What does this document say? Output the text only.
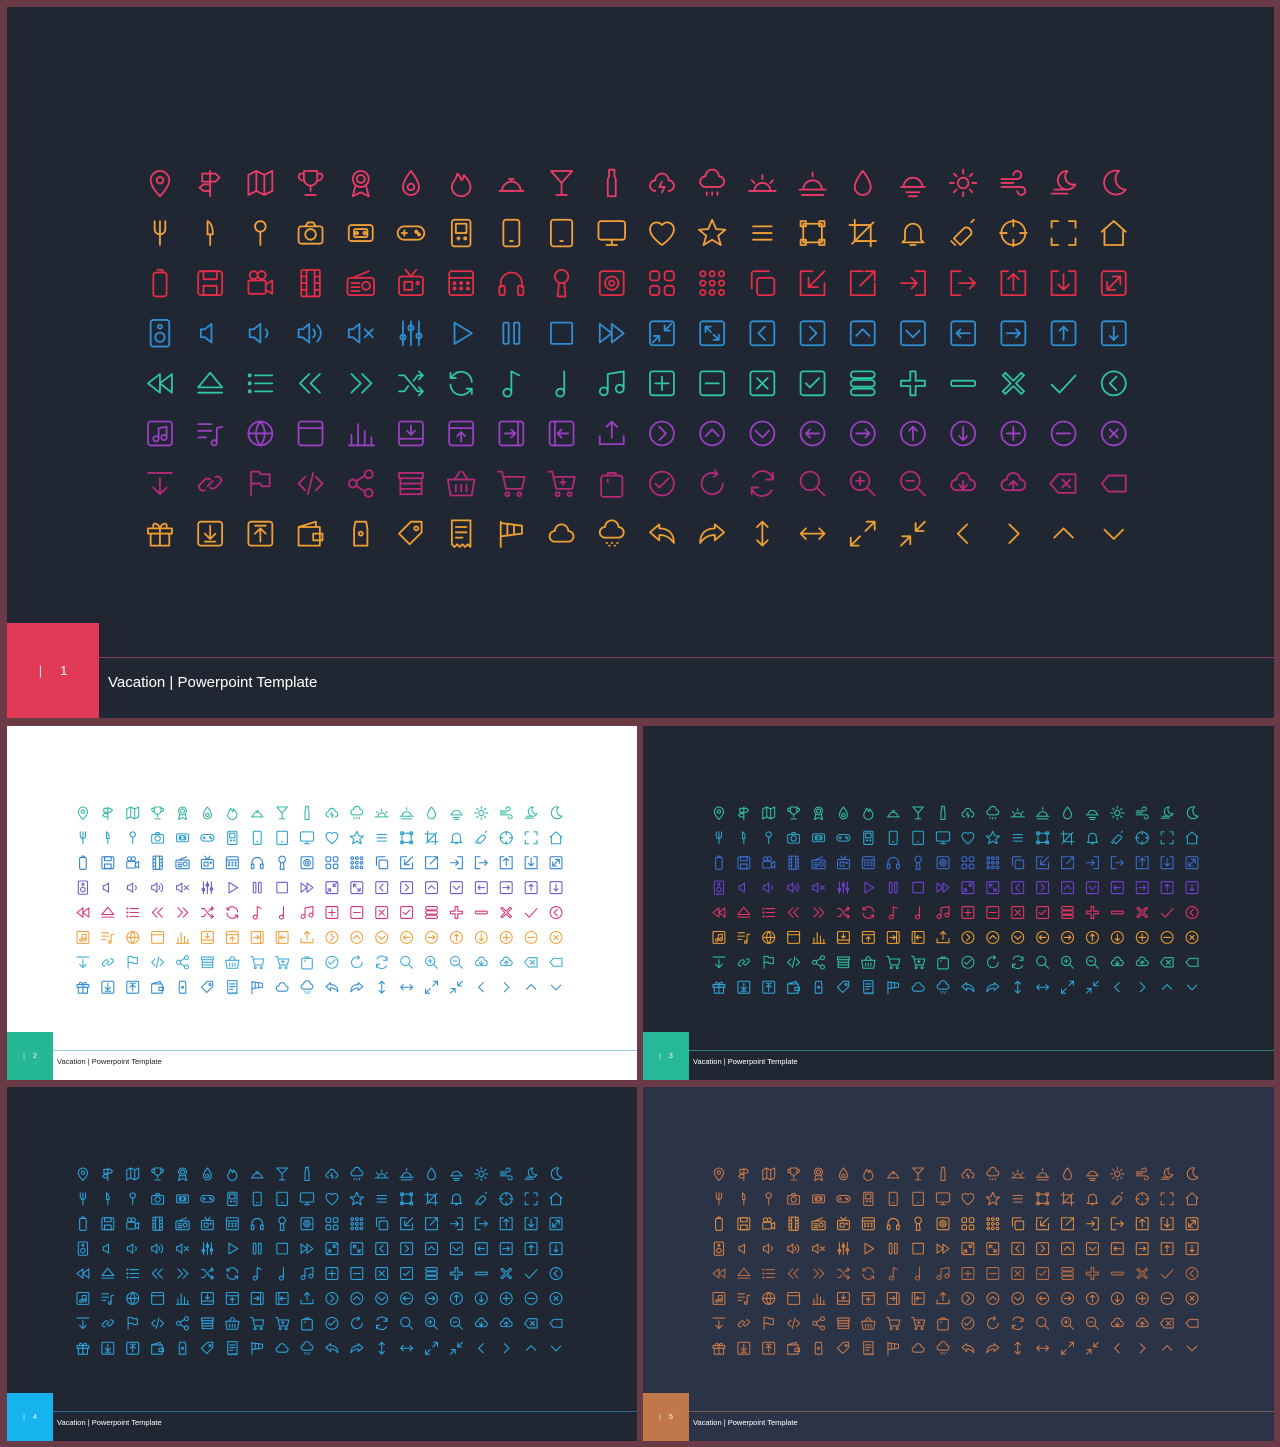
| 1
Vacation | Powerpoint Template
| 2
Vacation | Powerpoint Template
| 3
Vacation | Powerpoint Template
| 4
Vacation | Powerpoint Template
| 5
Vacation | Powerpoint Template
